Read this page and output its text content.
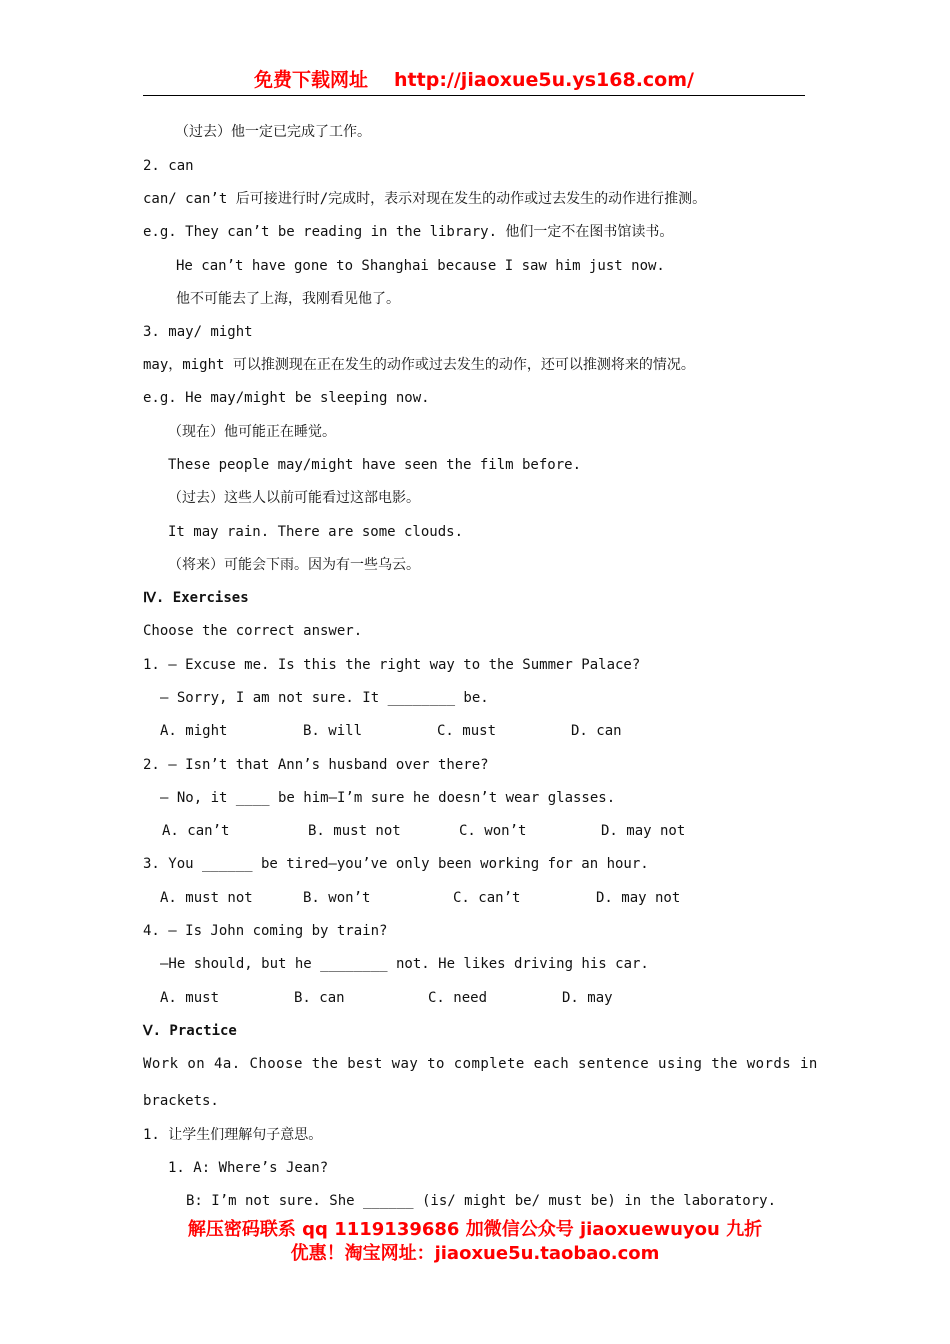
免费下载网址 http://jiaoxue5u.ys168.com/
（过去）他一定已完成了工作。
2. can
can/ can’t 后可接进行时/完成时，表示对现在发生的动作或过去发生的动作进行推测。
e.g. They can’t be reading in the library. 他们一定不在图书馆读书。
He can’t have gone to Shanghai because I saw him just now.
他不可能去了上海，我刚看见他了。
3. may/ might
may，might 可以推测现在正在发生的动作或过去发生的动作，还可以推测将来的情况。
e.g. He may/might be sleeping now.
（现在）他可能正在睡觉。
These people may/might have seen the film before.
（过去）这些人以前可能看过这部电影。
It may rain. There are some clouds.
（将来）可能会下雨。因为有一些乌云。
Ⅳ. Exercises
Choose the correct answer.
1. — Excuse me. Is this the right way to the Summer Palace?
— Sorry, I am not sure. It ________ be.
A. might	B. will	C. must	D. can
2. — Isn’t that Ann’s husband over there?
— No, it ____ be him—I’m sure he doesn’t wear glasses.
A. can’t	B. must not	C. won’t	D. may not
3. You ______ be tired—you’ve only been working for an hour.
A. must not	B. won’t	C. can’t	D. may not
4. — Is John coming by train?
—He should, but he ________ not. He likes driving his car.
A. must	B. can	C. need	D. may
Ⅴ. Practice
Work on 4a. Choose the best way to complete each sentence using the words in
brackets.
1. 让学生们理解句子意思。
1. A: Where’s Jean?
B: I’m not sure. She ______ (is/ might be/ must be) in the laboratory.
解压密码联系 qq 1119139686 加微信公众号 jiaoxuewuyou 九折
优惠！淘宝网址：jiaoxue5u.taobao.com
